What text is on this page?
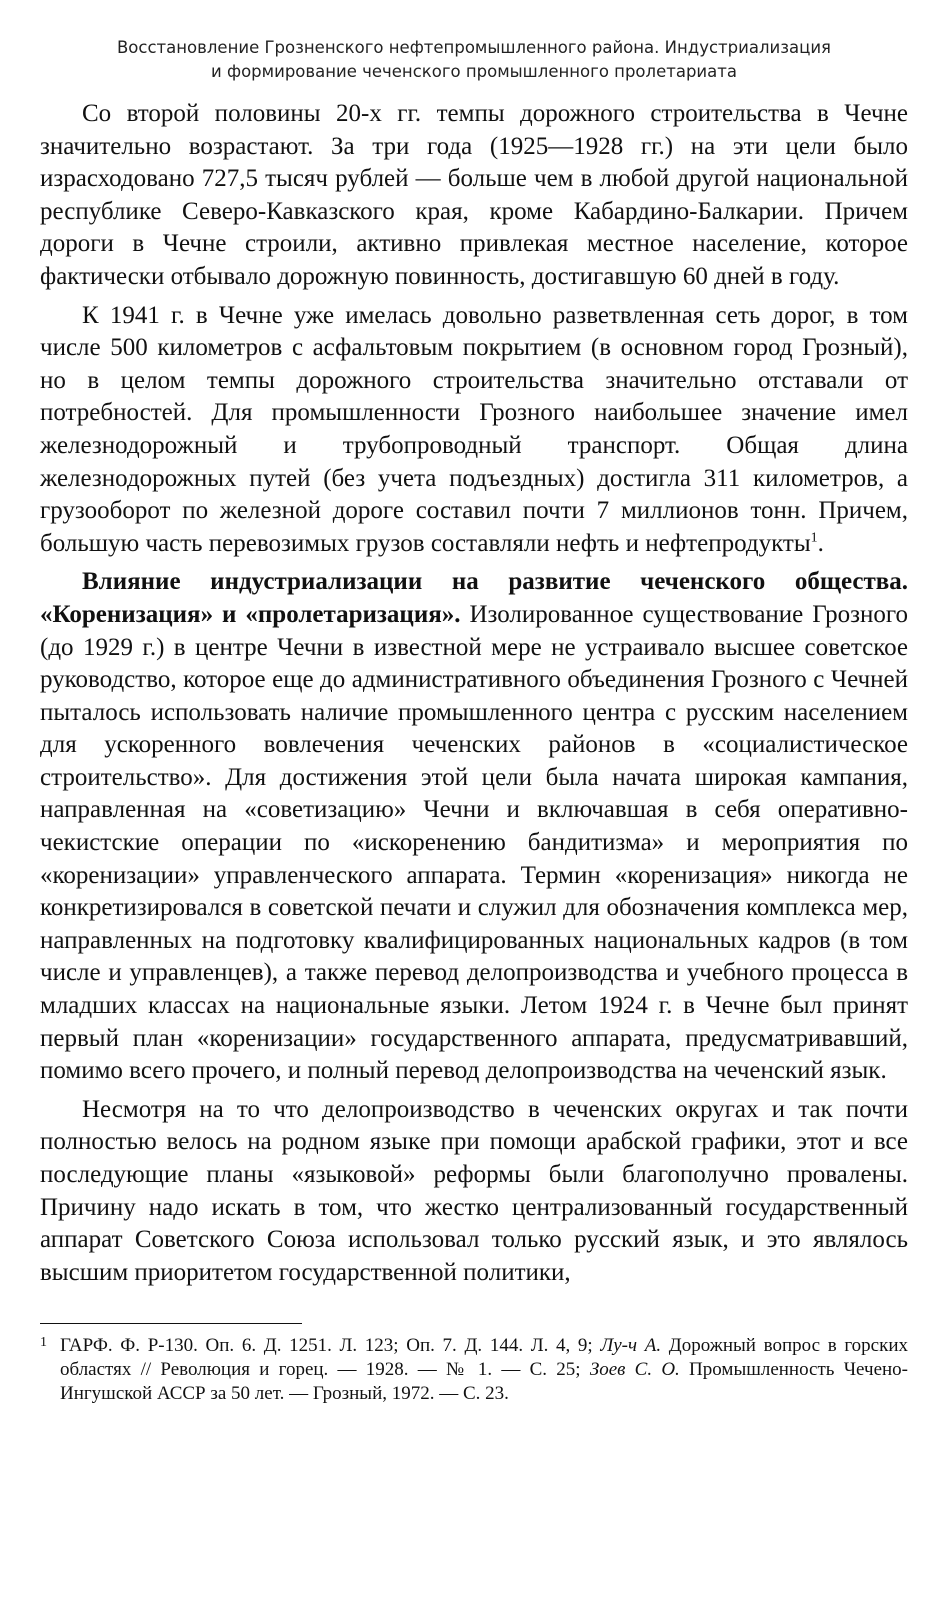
Восстановление Грозненского нефтепромышленного района. Индустриализация
и формирование чеченского промышленного пролетариата

Со второй половины 20-х гг. темпы дорожного строительства в Чечне значительно возрастают. За три года (1925—1928 гг.) на эти цели было израсходовано 727,5 тысяч рублей — больше чем в любой другой национальной республике Северо-Кавказского края, кроме Кабардино-Балкарии. Причем дороги в Чечне строили, активно привлекая местное население, которое фактически отбывало дорожную повинность, достигавшую 60 дней в году.

К 1941 г. в Чечне уже имелась довольно разветвленная сеть дорог, в том числе 500 километров с асфальтовым покрытием (в основном город Грозный), но в целом темпы дорожного строительства значительно отставали от потребностей. Для промышленности Грозного наибольшее значение имел железнодорожный и трубопроводный транспорт. Общая длина железнодорожных путей (без учета подъездных) достигла 311 километров, а грузооборот по железной дороге составил почти 7 миллионов тонн. Причем, большую часть перевозимых грузов составляли нефть и нефтепродукты$^1$.

Влияние индустриализации на развитие чеченского общества. «Коренизация» и «пролетаризация». Изолированное существование Грозного (до 1929 г.) в центре Чечни в известной мере не устраивало высшее советское руководство, которое еще до административного объединения Грозного с Чечней пыталось использовать наличие промышленного центра с русским населением для ускоренного вовлечения чеченских районов в «социалистическое строительство». Для достижения этой цели была начата широкая кампания, направленная на «советизацию» Чечни и включавшая в себя оперативно-чекистские операции по «искоренению бандитизма» и мероприятия по «коренизации» управленческого аппарата. Термин «коренизация» никогда не конкретизировался в советской печати и служил для обозначения комплекса мер, направленных на подготовку квалифицированных национальных кадров (в том числе и управленцев), а также перевод делопроизводства и учебного процесса в младших классах на национальные языки. Летом 1924 г. в Чечне был принят первый план «коренизации» государственного аппарата, предусматривавший, помимо всего прочего, и полный перевод делопроизводства на чеченский язык.

Несмотря на то что делопроизводство в чеченских округах и так почти полностью велось на родном языке при помощи арабской графики, этот и все последующие планы «языковой» реформы были благополучно провалены. Причину надо искать в том, что жестко централизованный государственный аппарат Советского Союза использовал только русский язык, и это являлось высшим приоритетом государственной политики,

1 ГАРФ. Ф. Р-130. Оп. 6. Д. 1251. Л. 123; Оп. 7. Д. 144. Л. 4, 9; Лу-ч А. Дорожный вопрос в горских областях // Революция и горец. — 1928. — № 1. — С. 25; Зоев С. О. Промышленность Чечено-Ингушской АССР за 50 лет. — Грозный, 1972. — С. 23.
